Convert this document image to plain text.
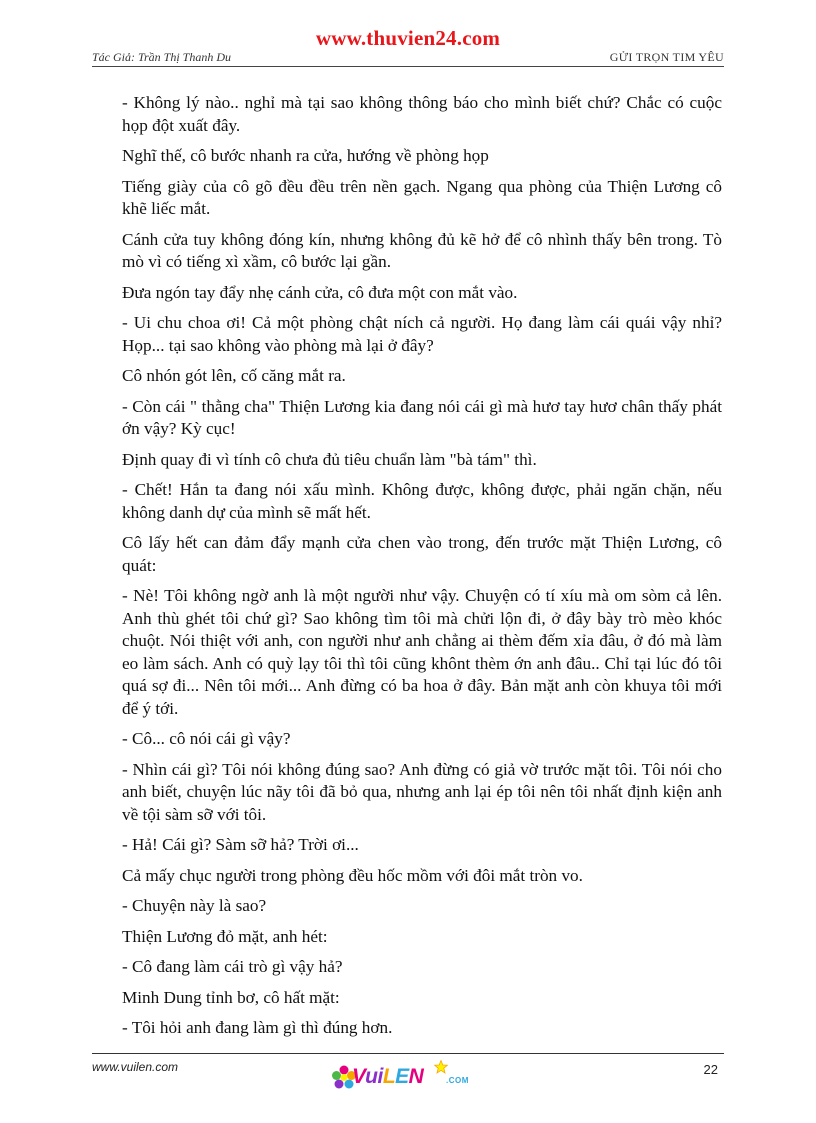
www.thuvien24.com
Tác Giả: Trần Thị Thanh Du	GỬI TRỌN TIM YÊU

- Không lý nào.. nghỉ mà tại sao không thông báo cho mình biết chứ? Chắc có cuộc họp đột xuất đây.

Nghĩ thế, cô bước nhanh ra cửa, hướng về phòng họp

Tiếng giày của cô gõ đều đều trên nền gạch. Ngang qua phòng của Thiện Lương cô khẽ liếc mắt.

Cánh cửa tuy không đóng kín, nhưng không đủ kẽ hở để cô nhình thấy bên trong. Tò mò vì có tiếng xì xầm, cô bước lại gần.

Đưa ngón tay đẩy nhẹ cánh cửa, cô đưa một con mắt vào.

- Ui chu choa ơi! Cả một phòng chật ních cả người. Họ đang làm cái quái vậy nhỉ? Họp... tại sao không vào phòng mà lại ở đây?

Cô nhón gót lên, cố căng mắt ra.

- Còn cái " thằng cha" Thiện Lương kia đang nói cái gì mà hươ tay hươ chân thấy phát ớn vậy? Kỳ cục!

Định quay đi vì tính cô chưa đủ tiêu chuẩn làm "bà tám" thì.

- Chết! Hắn ta đang nói xấu mình. Không được, không được, phải ngăn chặn, nếu không danh dự của mình sẽ mất hết.

Cô lấy hết can đảm đẩy mạnh cửa chen vào trong, đến trước mặt Thiện Lương, cô quát:

- Nè! Tôi không ngờ anh là một người như vậy. Chuyện có tí xíu mà om sòm cả lên. Anh thù ghét tôi chứ gì? Sao không tìm tôi mà chửi lộn đi, ở đây bày trò mèo khóc chuột. Nói thiệt với anh, con người như anh chẳng ai thèm đếm xỉa đâu, ở đó mà làm eo làm sách. Anh có quỳ lạy tôi thì tôi cũng khônt thèm ớn anh đâu.. Chỉ tại lúc đó tôi quá sợ đi... Nên tôi mới... Anh đừng có ba hoa ở đây. Bản mặt anh còn khuya tôi mới để ý tới.

- Cô... cô nói cái gì vậy?

- Nhìn cái gì? Tôi nói không đúng sao? Anh đừng có giả vờ trước mặt tôi. Tôi nói cho anh biết, chuyện lúc nãy tôi đã bỏ qua, nhưng anh lại ép tôi nên tôi nhất định kiện anh về tội sàm sỡ với tôi.

- Hả! Cái gì? Sàm sỡ hả? Trời ơi...

Cả mấy chục người trong phòng đều hốc mồm với đôi mắt tròn vo.

- Chuyện này là sao?

Thiện Lương đỏ mặt, anh hét:

- Cô đang làm cái trò gì vậy hả?

Minh Dung tỉnh bơ, cô hất mặt:

- Tôi hỏi anh đang làm gì thì đúng hơn.

www.vuilen.com	VuiLEN	.COM
22
